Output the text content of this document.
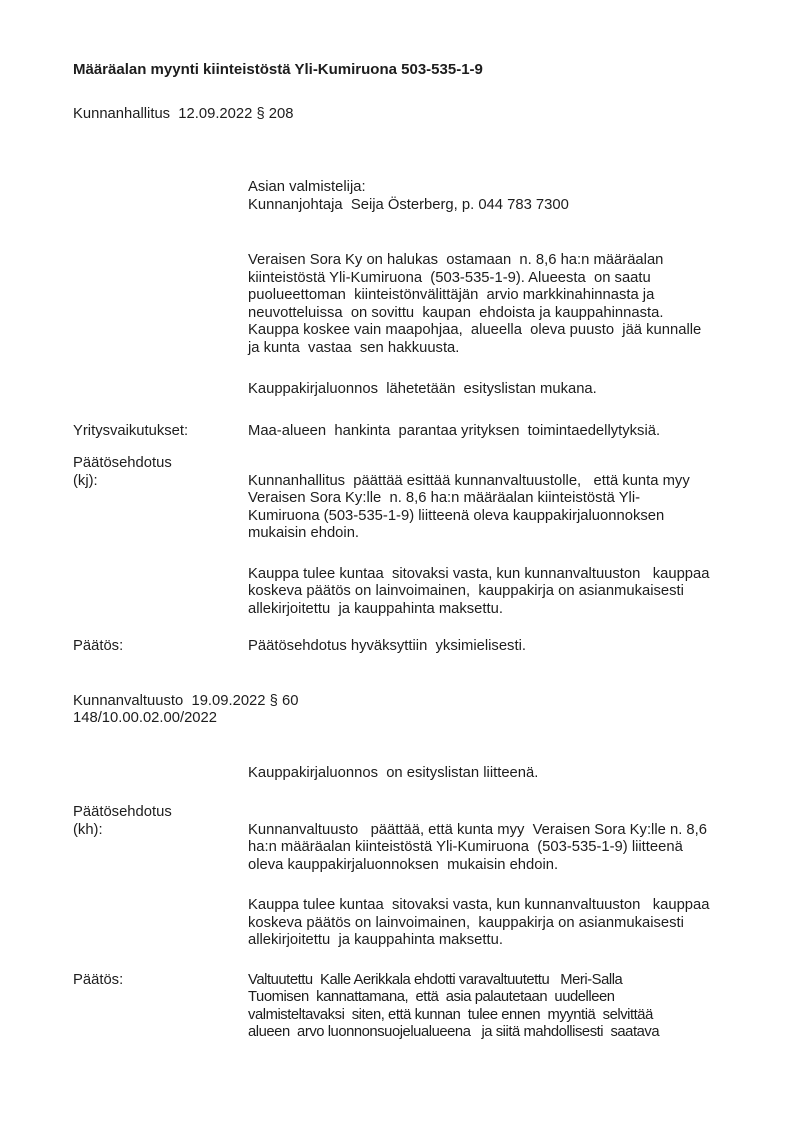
Määräalan myynti kiinteistöstä Yli-Kumiruona 503-535-1-9
Kunnanhallitus  12.09.2022 § 208
Asian valmistelija:
Kunnanjohtaja  Seija Österberg, p. 044 783 7300
Veraisen Sora Ky on halukas  ostamaan  n. 8,6 ha:n määräalan
kiinteistöstä Yli-Kumiruona  (503-535-1-9). Alueesta  on saatu
puolueettoman  kiinteistönvälittäjän  arvio markkinahinnasta ja
neuvotteluissa  on sovittu  kaupan  ehdoista ja kauppahinnasta.
Kauppa koskee vain maapohjaa,  alueella  oleva puusto  jää kunnalle
ja kunta  vastaa  sen hakkuusta.
Kauppakirjaluonnos  lähetetään  esityslistan mukana.
Yritysvaikutukset:	Maa-alueen  hankinta  parantaa yrityksen  toimintaedellytyksiä.
Päätösehdotus
(kj):	Kunnanhallitus  päättää esittää kunnanvaltuustolle,   että kunta myy
Veraisen Sora Ky:lle  n. 8,6 ha:n määräalan kiinteistöstä Yli-
Kumiruona (503-535-1-9) liitteenä oleva kauppakirjaluonnoksen
mukaisin ehdoin.
Kauppa tulee kuntaa  sitovaksi vasta, kun kunnanvaltuuston   kauppaa
koskeva päätös on lainvoimainen,  kauppakirja on asianmukaisesti
allekirjoitettu  ja kauppahinta maksettu.
Päätös:	Päätösehdotus hyväksyttiin  yksimielisesti.
Kunnanvaltuusto  19.09.2022 § 60
148/10.00.02.00/2022
Kauppakirjaluonnos  on esityslistan liitteenä.
Päätösehdotus
(kh):	Kunnanvaltuusto   päättää, että kunta myy  Veraisen Sora Ky:lle n. 8,6
ha:n määräalan kiinteistöstä Yli-Kumiruona  (503-535-1-9) liitteenä
oleva kauppakirjaluonnoksen  mukaisin ehdoin.
Kauppa tulee kuntaa  sitovaksi vasta, kun kunnanvaltuuston   kauppaa
koskeva päätös on lainvoimainen,  kauppakirja on asianmukaisesti
allekirjoitettu  ja kauppahinta maksettu.
Päätös:	Valtuutettu  Kalle Aerikkala ehdotti varavaltuutettu   Meri-Salla
Tuomisen  kannattamana,  että  asia palautetaan  uudelleen
valmisteltavaksi  siten, että kunnan  tulee ennen  myyntiä  selvittää
alueen  arvo luonnonsuojelualueena   ja siitä mahdollisesti  saatava
